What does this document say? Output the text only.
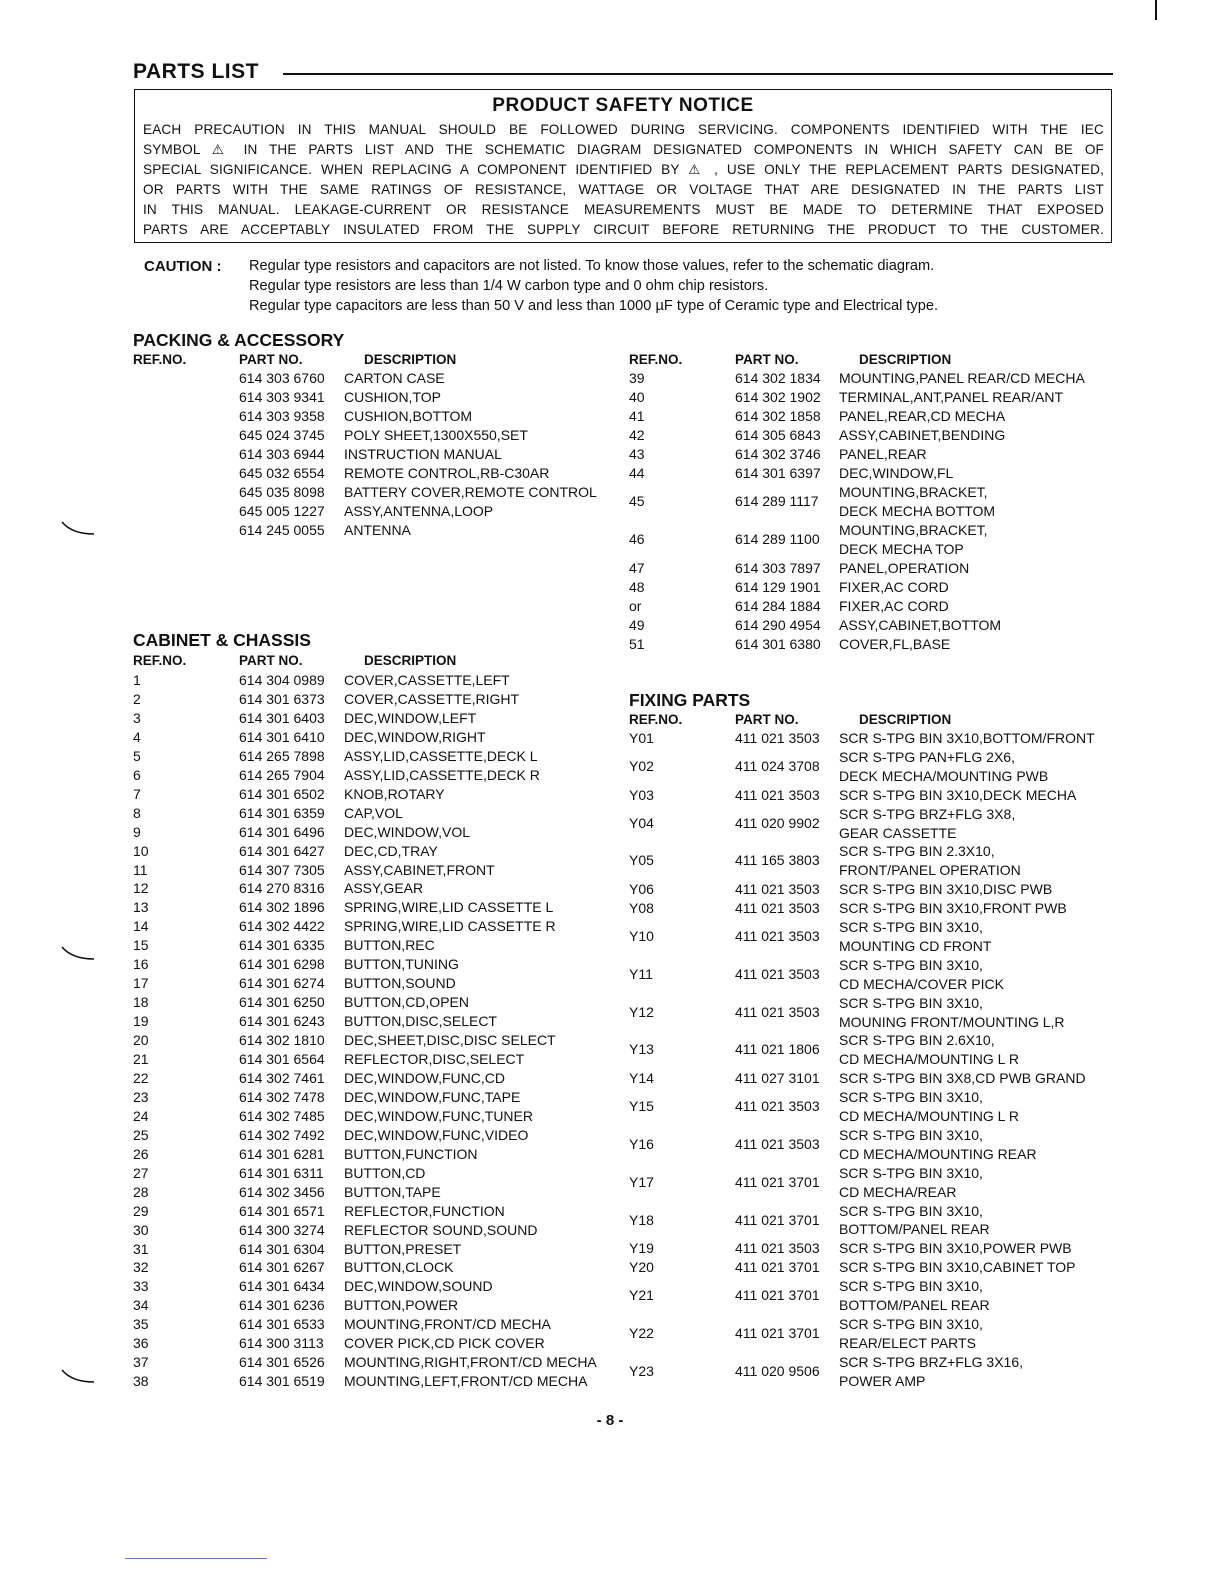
PARTS LIST
PRODUCT SAFETY NOTICE
EACH PRECAUTION IN THIS MANUAL SHOULD BE FOLLOWED DURING SERVICING. COMPONENTS IDENTIFIED WITH THE IEC
SYMBOL ⚠ IN THE PARTS LIST AND THE SCHEMATIC DIAGRAM DESIGNATED COMPONENTS IN WHICH SAFETY CAN BE OF
SPECIAL SIGNIFICANCE. WHEN REPLACING A COMPONENT IDENTIFIED BY ⚠ , USE ONLY THE REPLACEMENT PARTS DESIGNATED,
OR PARTS WITH THE SAME RATINGS OF RESISTANCE, WATTAGE OR VOLTAGE THAT ARE DESIGNATED IN THE PARTS LIST
IN THIS MANUAL. LEAKAGE-CURRENT OR RESISTANCE MEASUREMENTS MUST BE MADE TO DETERMINE THAT EXPOSED
PARTS ARE ACCEPTABLY INSULATED FROM THE SUPPLY CIRCUIT BEFORE RETURNING THE PRODUCT TO THE CUSTOMER.
CAUTION : Regular type resistors and capacitors are not listed. To know those values, refer to the schematic diagram.
Regular type resistors are less than 1/4 W carbon type and 0 ohm chip resistors.
Regular type capacitors are less than 50 V and less than 1000 µF type of Ceramic type and Electrical type.
PACKING & ACCESSORY
CABINET & CHASSIS
FIXING PARTS
REF.NO.	PART NO.	DESCRIPTION	REF.NO.	PART NO.	DESCRIPTION
REF.NO.	PART NO.	DESCRIPTION
REF.NO.	PART NO.	DESCRIPTION
614 303 6760 CARTON CASE
614 303 9341 CUSHION,TOP
614 303 9358 CUSHION,BOTTOM
645 024 3745 POLY SHEET,1300X550,SET
614 303 6944 INSTRUCTION MANUAL
645 032 6554 REMOTE CONTROL,RB-C30AR
645 035 8098 BATTERY COVER,REMOTE CONTROL
645 005 1227 ASSY,ANTENNA,LOOP
614 245 0055 ANTENNA
1	614 304 0989 COVER,CASSETTE,LEFT
2	614 301 6373 COVER,CASSETTE,RIGHT
3	614 301 6403 DEC,WINDOW,LEFT
4	614 301 6410 DEC,WINDOW,RIGHT
5	614 265 7898 ASSY,LID,CASSETTE,DECK L
6	614 265 7904 ASSY,LID,CASSETTE,DECK R
7	614 301 6502 KNOB,ROTARY
8	614 301 6359 CAP,VOL
9	614 301 6496 DEC,WINDOW,VOL
10	614 301 6427 DEC,CD,TRAY
11	614 307 7305 ASSY,CABINET,FRONT
12	614 270 8316 ASSY,GEAR
13	614 302 1896 SPRING,WIRE,LID CASSETTE L
14	614 302 4422 SPRING,WIRE,LID CASSETTE R
15	614 301 6335 BUTTON,REC
16	614 301 6298 BUTTON,TUNING
17	614 301 6274 BUTTON,SOUND
18	614 301 6250 BUTTON,CD,OPEN
19	614 301 6243 BUTTON,DISC,SELECT
20	614 302 1810 DEC,SHEET,DISC,DISC SELECT
21	614 301 6564 REFLECTOR,DISC,SELECT
22	614 302 7461 DEC,WINDOW,FUNC,CD
23	614 302 7478 DEC,WINDOW,FUNC,TAPE
24	614 302 7485 DEC,WINDOW,FUNC,TUNER
25	614 302 7492 DEC,WINDOW,FUNC,VIDEO
26	614 301 6281 BUTTON,FUNCTION
27	614 301 6311 BUTTON,CD
28	614 302 3456 BUTTON,TAPE
29	614 301 6571 REFLECTOR,FUNCTION
30	614 300 3274 REFLECTOR SOUND,SOUND
31	614 301 6304 BUTTON,PRESET
32	614 301 6267 BUTTON,CLOCK
33	614 301 6434 DEC,WINDOW,SOUND
34	614 301 6236 BUTTON,POWER
35	614 301 6533 MOUNTING,FRONT/CD MECHA
36	614 300 3113 COVER PICK,CD PICK COVER
37	614 301 6526 MOUNTING,RIGHT,FRONT/CD MECHA
38	614 301 6519 MOUNTING,LEFT,FRONT/CD MECHA
39	614 302 1834 MOUNTING,PANEL REAR/CD MECHA
40	614 302 1902 TERMINAL,ANT,PANEL REAR/ANT
41	614 302 1858 PANEL,REAR,CD MECHA
42	614 305 6843 ASSY,CABINET,BENDING
43	614 302 3746 PANEL,REAR
44	614 301 6397 DEC,WINDOW,FL
45	614 289 1117
MOUNTING,BRACKET,
DECK MECHA BOTTOM
46	614 289 1100
MOUNTING,BRACKET,
DECK MECHA TOP
47	614 303 7897 PANEL,OPERATION
48	614 129 1901 FIXER,AC CORD
or	614 284 1884 FIXER,AC CORD
49	614 290 4954 ASSY,CABINET,BOTTOM
51	614 301 6380 COVER,FL,BASE
Y01	411 021 3503 SCR S-TPG BIN 3X10,BOTTOM/FRONT
Y02	411 024 3708
SCR S-TPG PAN+FLG 2X6,
DECK MECHA/MOUNTING PWB
Y03	411 021 3503 SCR S-TPG BIN 3X10,DECK MECHA
Y04	411 020 9902
SCR S-TPG BRZ+FLG 3X8,
GEAR CASSETTE
Y05	411 165 3803
SCR S-TPG BIN 2.3X10,
FRONT/PANEL OPERATION
Y06	411 021 3503 SCR S-TPG BIN 3X10,DISC PWB
Y08	411 021 3503 SCR S-TPG BIN 3X10,FRONT PWB
Y10	411 021 3503
SCR S-TPG BIN 3X10,
MOUNTING CD FRONT
Y11	411 021 3503
SCR S-TPG BIN 3X10,
CD MECHA/COVER PICK
Y12	411 021 3503
SCR S-TPG BIN 3X10,
MOUNING FRONT/MOUNTING L,R
Y13	411 021 1806
SCR S-TPG BIN 2.6X10,
CD MECHA/MOUNTING L R
Y14	411 027 3101 SCR S-TPG BIN 3X8,CD PWB GRAND
Y15	411 021 3503
SCR S-TPG BIN 3X10,
CD MECHA/MOUNTING L R
Y16	411 021 3503
SCR S-TPG BIN 3X10,
CD MECHA/MOUNTING REAR
Y17	411 021 3701
SCR S-TPG BIN 3X10,
CD MECHA/REAR
Y18	411 021 3701
SCR S-TPG BIN 3X10,
BOTTOM/PANEL REAR
Y19	411 021 3503 SCR S-TPG BIN 3X10,POWER PWB
Y20	411 021 3701 SCR S-TPG BIN 3X10,CABINET TOP
Y21	411 021 3701
SCR S-TPG BIN 3X10,
BOTTOM/PANEL REAR
Y22	411 021 3701
SCR S-TPG BIN 3X10,
REAR/ELECT PARTS
Y23	411 020 9506
SCR S-TPG BRZ+FLG 3X16,
POWER AMP
- 8 -
